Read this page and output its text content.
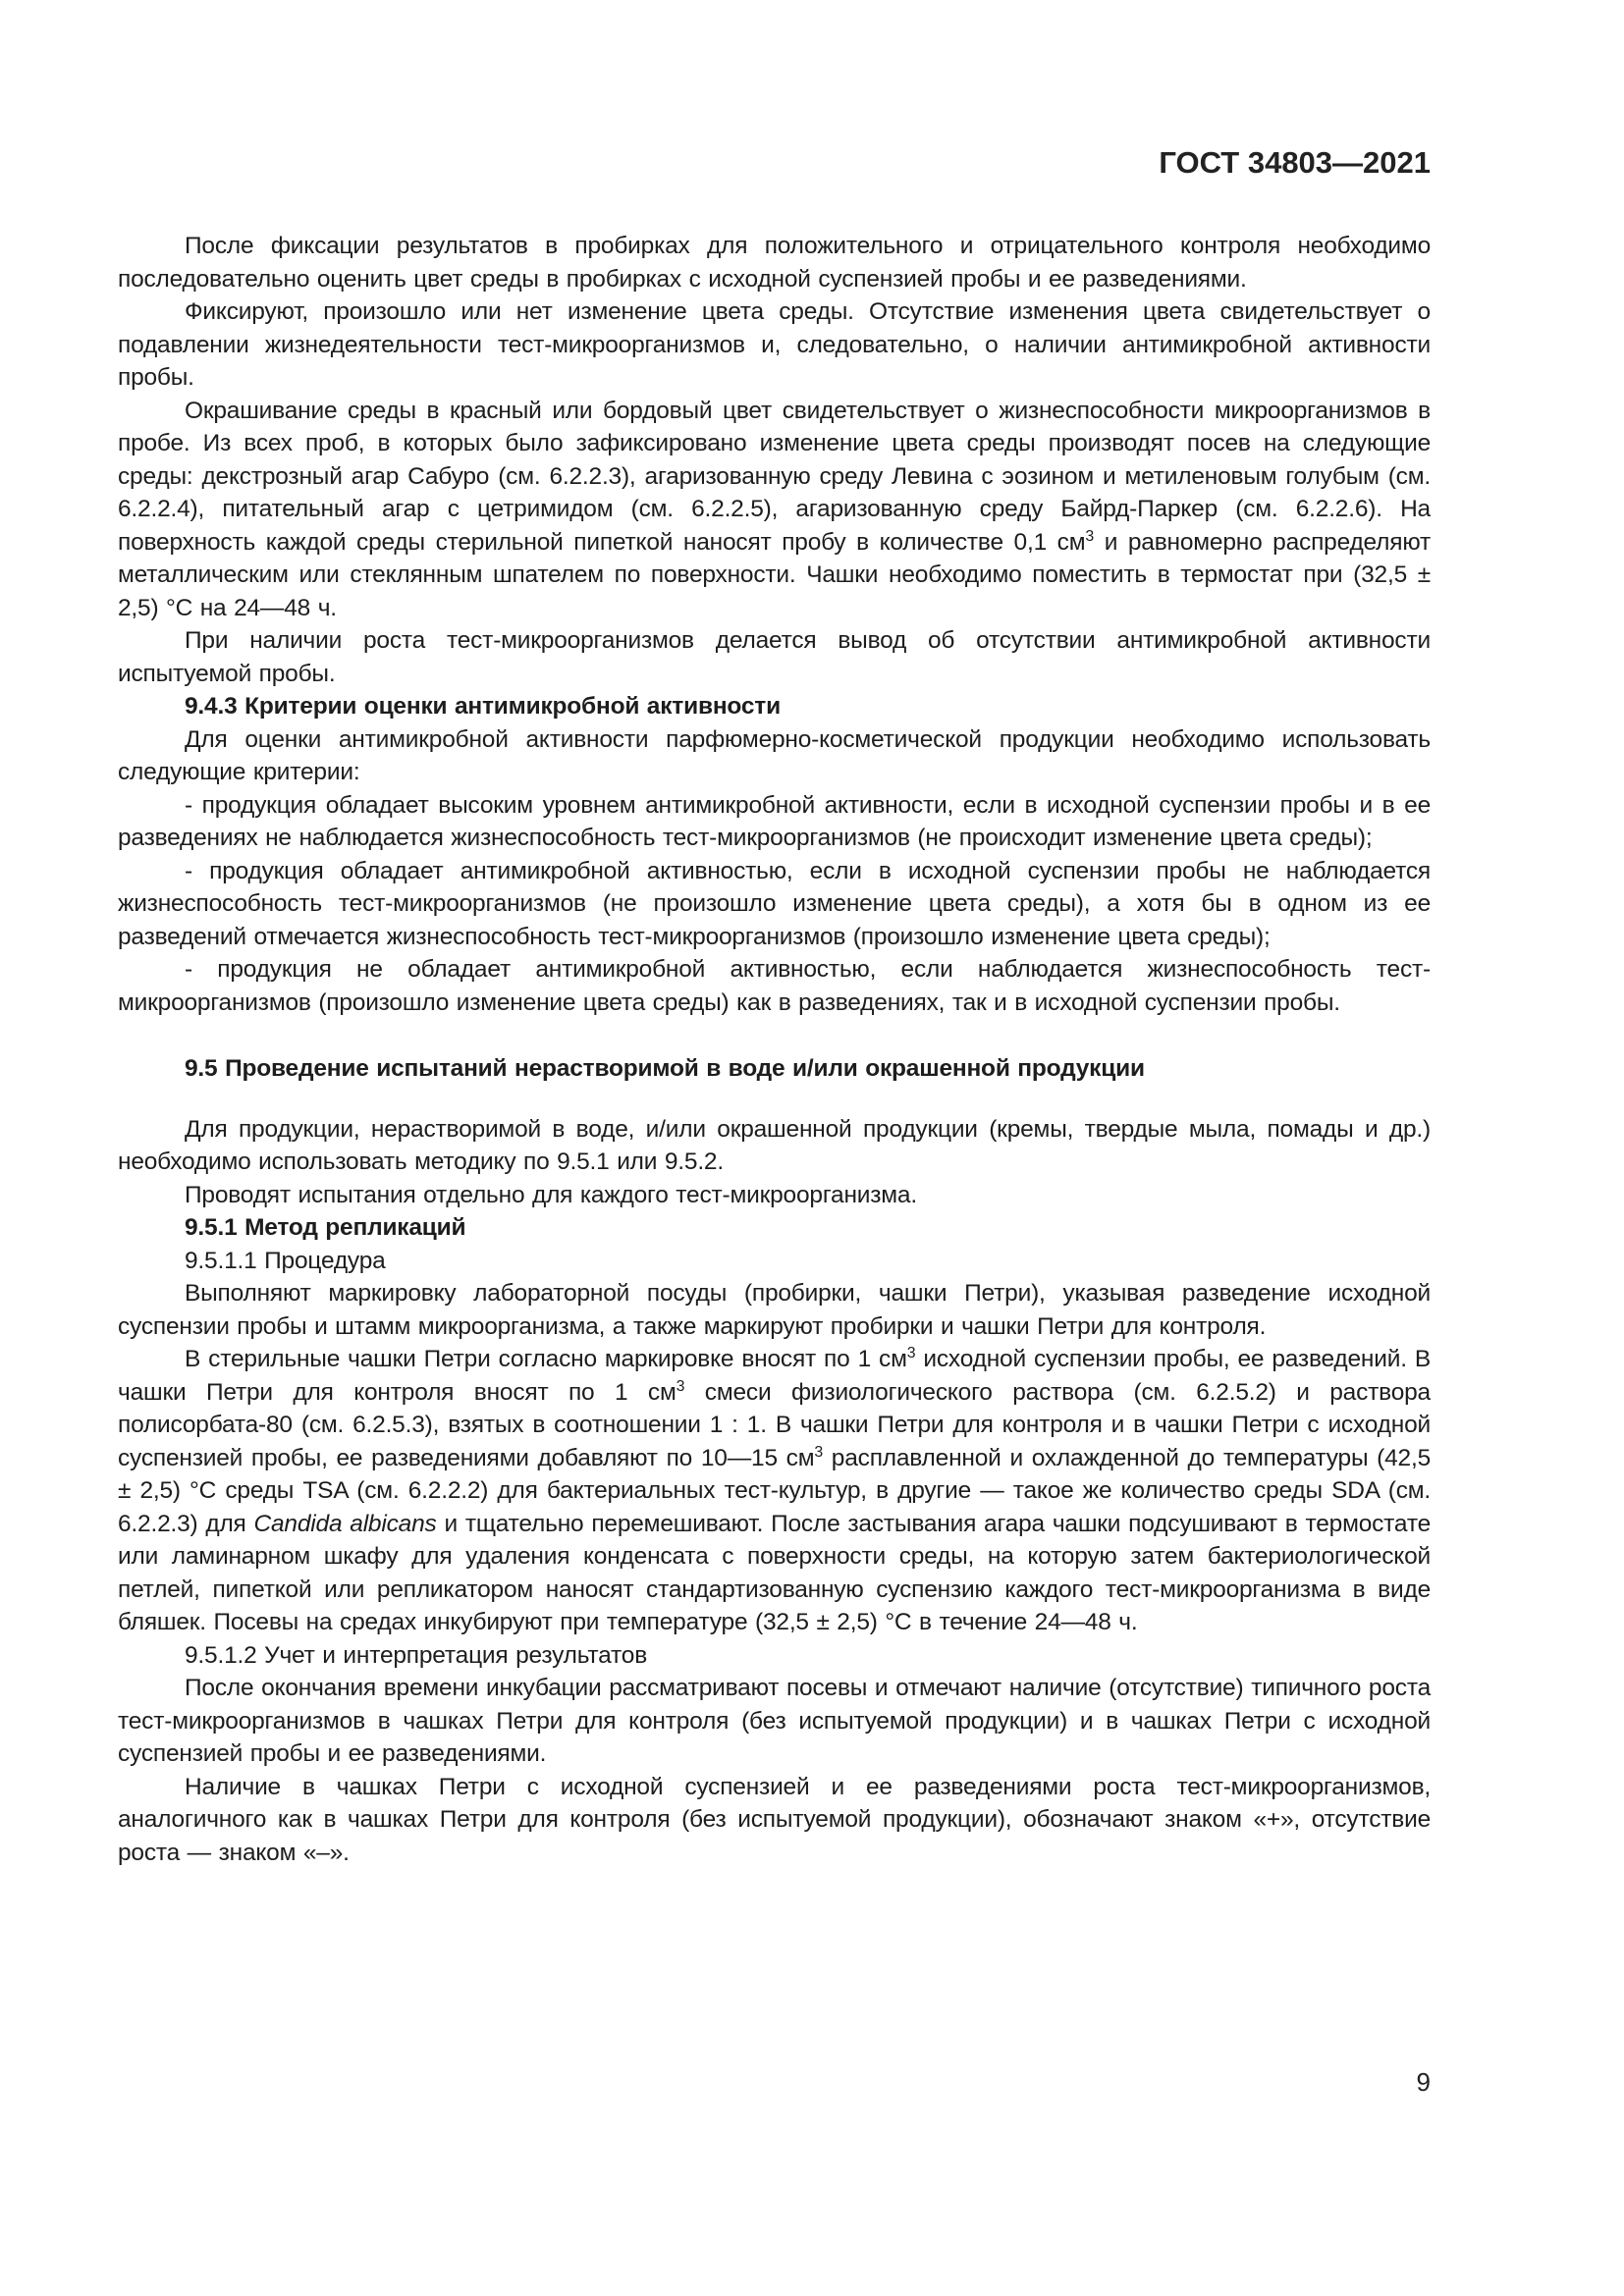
ГОСТ 34803—2021

После фиксации результатов в пробирках для положительного и отрицательного контроля необходимо последовательно оценить цвет среды в пробирках с исходной суспензией пробы и ее разведениями.

Фиксируют, произошло или нет изменение цвета среды. Отсутствие изменения цвета свидетельствует о подавлении жизнедеятельности тест-микроорганизмов и, следовательно, о наличии антимикробной активности пробы.

Окрашивание среды в красный или бордовый цвет свидетельствует о жизнеспособности микроорганизмов в пробе. Из всех проб, в которых было зафиксировано изменение цвета среды производят посев на следующие среды: декстрозный агар Сабуро (см. 6.2.2.3), агаризованную среду Левина с эозином и метиленовым голубым (см. 6.2.2.4), питательный агар с цетримидом (см. 6.2.2.5), агаризованную среду Байрд-Паркер (см. 6.2.2.6). На поверхность каждой среды стерильной пипеткой наносят пробу в количестве 0,1 $см^3$ и равномерно распределяют металлическим или стеклянным шпателем по поверхности. Чашки необходимо поместить в термостат при (32,5 ± 2,5) °С на 24—48 ч.

При наличии роста тест-микроорганизмов делается вывод об отсутствии антимикробной активности испытуемой пробы.

9.4.3 Критерии оценки антимикробной активности

Для оценки антимикробной активности парфюмерно-косметической продукции необходимо использовать следующие критерии:

- продукция обладает высоким уровнем антимикробной активности, если в исходной суспензии пробы и в ее разведениях не наблюдается жизнеспособность тест-микроорганизмов (не происходит изменение цвета среды);

- продукция обладает антимикробной активностью, если в исходной суспензии пробы не наблюдается жизнеспособность тест-микроорганизмов (не произошло изменение цвета среды), а хотя бы в одном из ее разведений отмечается жизнеспособность тест-микроорганизмов (произошло изменение цвета среды);

- продукция не обладает антимикробной активностью, если наблюдается жизнеспособность тест-микроорганизмов (произошло изменение цвета среды) как в разведениях, так и в исходной суспензии пробы.

9.5 Проведение испытаний нерастворимой в воде и/или окрашенной продукции

Для продукции, нерастворимой в воде, и/или окрашенной продукции (кремы, твердые мыла, помады и др.) необходимо использовать методику по 9.5.1 или 9.5.2.

Проводят испытания отдельно для каждого тест-микроорганизма.

9.5.1 Метод репликаций

9.5.1.1 Процедура

Выполняют маркировку лабораторной посуды (пробирки, чашки Петри), указывая разведение исходной суспензии пробы и штамм микроорганизма, а также маркируют пробирки и чашки Петри для контроля.

В стерильные чашки Петри согласно маркировке вносят по 1 $см^3$ исходной суспензии пробы, ее разведений. В чашки Петри для контроля вносят по 1 $см^3$ смеси физиологического раствора (см. 6.2.5.2) и раствора полисорбата-80 (см. 6.2.5.3), взятых в соотношении 1 : 1. В чашки Петри для контроля и в чашки Петри с исходной суспензией пробы, ее разведениями добавляют по 10—15 $см^3$ расплавленной и охлажденной до температуры (42,5 ± 2,5) °С среды TSA (см. 6.2.2.2) для бактериальных тест-культур, в другие — такое же количество среды SDA (см. 6.2.2.3) для Candida albicans и тщательно перемешивают. После застывания агара чашки подсушивают в термостате или ламинарном шкафу для удаления конденсата с поверхности среды, на которую затем бактериологической петлей, пипеткой или репликатором наносят стандартизованную суспензию каждого тест-микроорганизма в виде бляшек. Посевы на средах инкубируют при температуре (32,5 ± 2,5) °С в течение 24—48 ч.

9.5.1.2 Учет и интерпретация результатов

После окончания времени инкубации рассматривают посевы и отмечают наличие (отсутствие) типичного роста тест-микроорганизмов в чашках Петри для контроля (без испытуемой продукции) и в чашках Петри с исходной суспензией пробы и ее разведениями.

Наличие в чашках Петри с исходной суспензией и ее разведениями роста тест-микроорганизмов, аналогичного как в чашках Петри для контроля (без испытуемой продукции), обозначают знаком «+», отсутствие роста — знаком «–».

9
